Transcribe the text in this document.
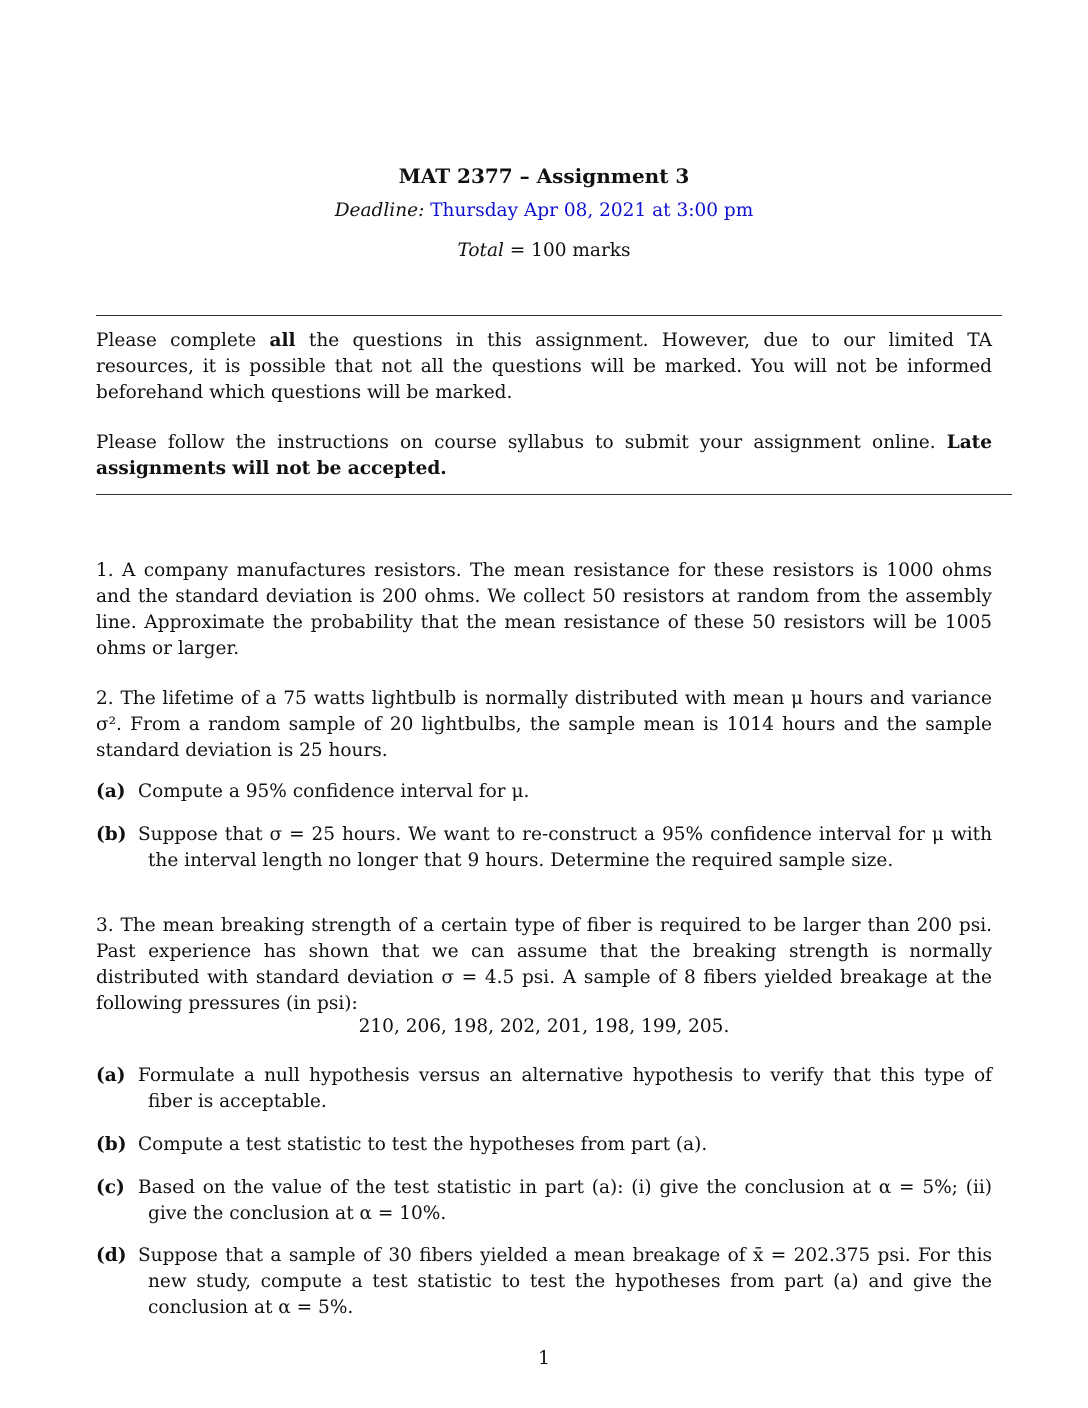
MAT 2377 – Assignment 3
Deadline: Thursday Apr 08, 2021 at 3:00 pm
Total = 100 marks

Please complete all the questions in this assignment. However, due to our limited TA resources, it is possible that not all the questions will be marked. You will not be informed beforehand which questions will be marked.

Please follow the instructions on course syllabus to submit your assignment online. Late assignments will not be accepted.

1. A company manufactures resistors. The mean resistance for these resistors is 1000 ohms and the standard deviation is 200 ohms. We collect 50 resistors at random from the assembly line. Approximate the probability that the mean resistance of these 50 resistors will be 1005 ohms or larger.

2. The lifetime of a 75 watts lightbulb is normally distributed with mean μ hours and variance σ². From a random sample of 20 lightbulbs, the sample mean is 1014 hours and the sample standard deviation is 25 hours.

(a) Compute a 95% confidence interval for μ.
(b) Suppose that σ = 25 hours. We want to re-construct a 95% confidence interval for μ with the interval length no longer that 9 hours. Determine the required sample size.

3. The mean breaking strength of a certain type of fiber is required to be larger than 200 psi. Past experience has shown that we can assume that the breaking strength is normally distributed with standard deviation σ = 4.5 psi. A sample of 8 fibers yielded breakage at the following pressures (in psi):

210, 206, 198, 202, 201, 198, 199, 205.
(a) Formulate a null hypothesis versus an alternative hypothesis to verify that this type of fiber is acceptable.
(b) Compute a test statistic to test the hypotheses from part (a).
(c) Based on the value of the test statistic in part (a): (i) give the conclusion at α = 5%; (ii) give the conclusion at α = 10%.
(d) Suppose that a sample of 30 fibers yielded a mean breakage of x̄ = 202.375 psi. For this new study, compute a test statistic to test the hypotheses from part (a) and give the conclusion at α = 5%.
1
